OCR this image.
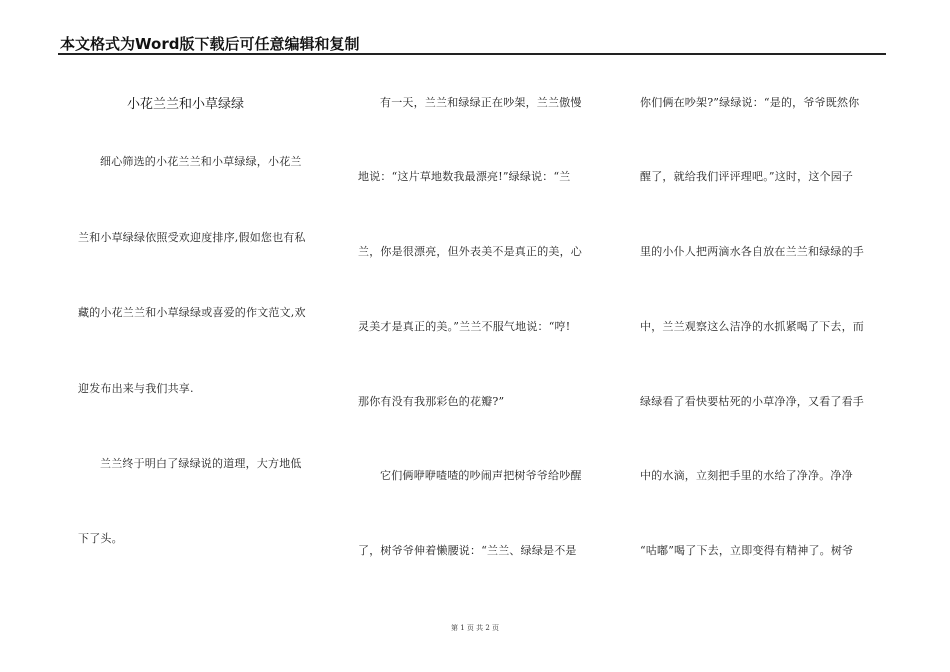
本文格式为Word版下载后可任意编辑和复制
小花兰兰和小草绿绿
细心筛选的小花兰兰和小草绿绿，小花兰
兰和小草绿绿依照受欢迎度排序,假如您也有私
藏的小花兰兰和小草绿绿或喜爱的作文范文,欢
迎发布出来与我们共享.
兰兰终于明白了绿绿说的道理，大方地低
下了头。
有一天，兰兰和绿绿正在吵架，兰兰傲慢
地说：“这片草地数我最漂亮!”绿绿说：“兰
兰，你是很漂亮，但外表美不是真正的美，心
灵美才是真正的美。”兰兰不服气地说：“哼!
那你有没有我那彩色的花瓣?”
它们俩咿咿喳喳的吵闹声把树爷爷给吵醒
了，树爷爷伸着懒腰说：“兰兰、绿绿是不是
你们俩在吵架?”绿绿说：“是的，爷爷既然你
醒了，就给我们评评理吧。”这时，这个园子
里的小仆人把两滴水各自放在兰兰和绿绿的手
中，兰兰观察这么洁净的水抓紧喝了下去，而
绿绿看了看快要枯死的小草净净，又看了看手
中的水滴，立刻把手里的水给了净净。净净
“咕嘟”喝了下去，立即变得有精神了。树爷
第 1 页 共 2 页
